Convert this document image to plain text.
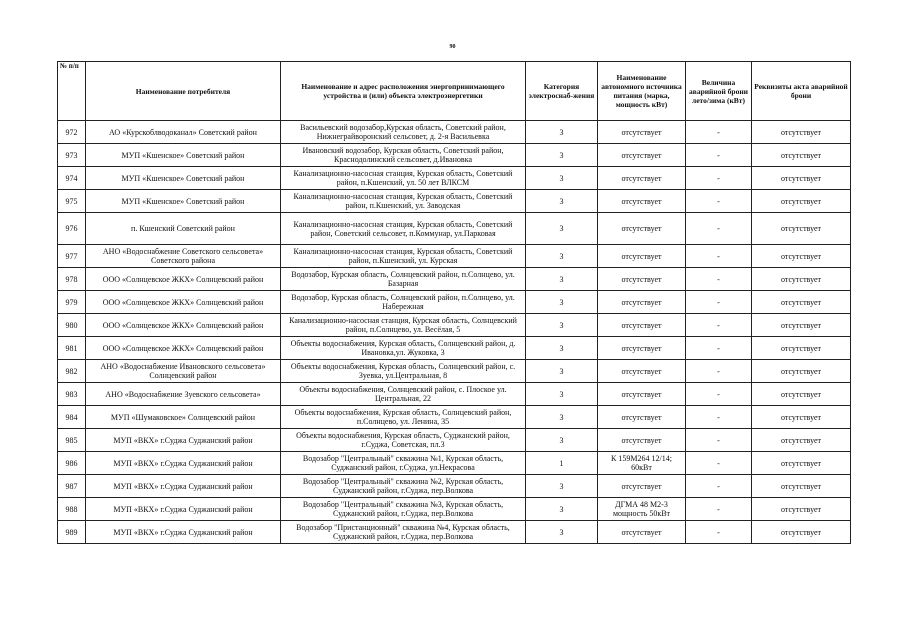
90
№ п/п	Наименование потребителя	Наименование и адрес расположения энергопринимающего устройства и (или) объекта электроэнергетики	Категория электроснаб-жения	Наименование автономного источника питания (марка, мощность кВт)	Величина аварийной брони лето/зима (кВт)	Реквизиты акта аварийной брони
972	АО «Курскоблводоканал» Советский район	Васильевский водозабор,Курская область, Советский район, Нижнеграйворонский сельсовет, д. 2-я Васильевка	3	отсутствует	-	отсутствует
973	МУП «Кшенское» Советский район	Ивановский водозабор, Курская область, Советский район, Краснодолинский сельсовет, д.Ивановка	3	отсутствует	-	отсутствует
974	МУП «Кшенское» Советский район	Канализационно-насосная станция, Курская область, Советский район, п.Кшенский, ул. 50 лет ВЛКСМ	3	отсутствует	-	отсутствует
975	МУП «Кшенское» Советский район	Канализационно-насосная станция, Курская область, Советский район, п.Кшенский, ул. Заводская	3	отсутствует	-	отсутствует
976	п. Кшенский Советский район	Канализационно-насосная станция, Курская область, Советский район, Советский сельсовет, п.Коммунар, ул.Парковая	3	отсутствует	-	отсутствует
977	АНО «Водоснабжение Советского сельсовета» Советского района	Канализационно-насосная станция, Курская область, Советский район, п.Кшенский, ул. Курская	3	отсутствует	-	отсутствует
978	ООО «Солнцевское ЖКХ» Солнцевский район	Водозабор, Курская область, Солнцевский район, п.Солнцево, ул. Базарная	3	отсутствует	-	отсутствует
979	ООО «Солнцевское ЖКХ» Солнцевский район	Водозабор, Курская область, Солнцевский район, п.Солнцево, ул. Набережная	3	отсутствует	-	отсутствует
980	ООО «Солнцевское ЖКХ» Солнцевский район	Канализационно-насосная станция, Курская область, Солнцевский район, п.Солнцево, ул. Весёлая, 5	3	отсутствует	-	отсутствует
981	ООО «Солнцевское ЖКХ» Солнцевский район	Объекты водоснабжения, Курская область, Солнцевский район, д. Ивановка,ул. Жуковка, 3	3	отсутствует	-	отсутствует
982	АНО «Водоснабжение Ивановского сельсовета» Солнцевский район	Объекты водоснабжения, Курская область, Солнцевский район, с. Зуевка, ул.Центральная, 8	3	отсутствует	-	отсутствует
983	АНО «Водоснабжение Зуевского сельсовета»	Объекты водоснабжения, Солнцевский район, с. Плоское ул. Центральная, 22	3	отсутствует	-	отсутствует
984	МУП «Шумаковское» Солнцевский район	Объекты водоснабжения, Курская область, Солнцевский район, п.Солнцево, ул. Ленина, 35	3	отсутствует	-	отсутствует
985	МУП «ВКХ» г.Суджа Суджанский район	Объекты водоснабжения, Курская область, Суджанский район, г.Суджа, Советская, пл.3	3	отсутствует	-	отсутствует
986	МУП «ВКХ» г.Суджа Суджанский район	Водозабор "Центральный" скважина №1, Курская область, Суджанский район, г.Суджа, ул.Некрасова	1	К 159М264 12/14; 60кВт	-	отсутствует
987	МУП «ВКХ» г.Суджа Суджанский район	Водозабор "Центральный" скважина №2, Курская область, Суджанский район, г.Суджа, пер.Волкова	3	отсутствует	-	отсутствует
988	МУП «ВКХ» г.Суджа Суджанский район	Водозабор "Центральный" скважина №3, Курская область, Суджанский район, г.Суджа, пер.Волкова	3	ДГМА 48 М2-3 мощность 50кВт	-	отсутствует
989	МУП «ВКХ» г.Суджа Суджанский район	Водозабор "Пристанционный" скважина №4, Курская область, Суджанский район, г.Суджа, пер.Волкова	3	отсутствует	-	отсутствует
